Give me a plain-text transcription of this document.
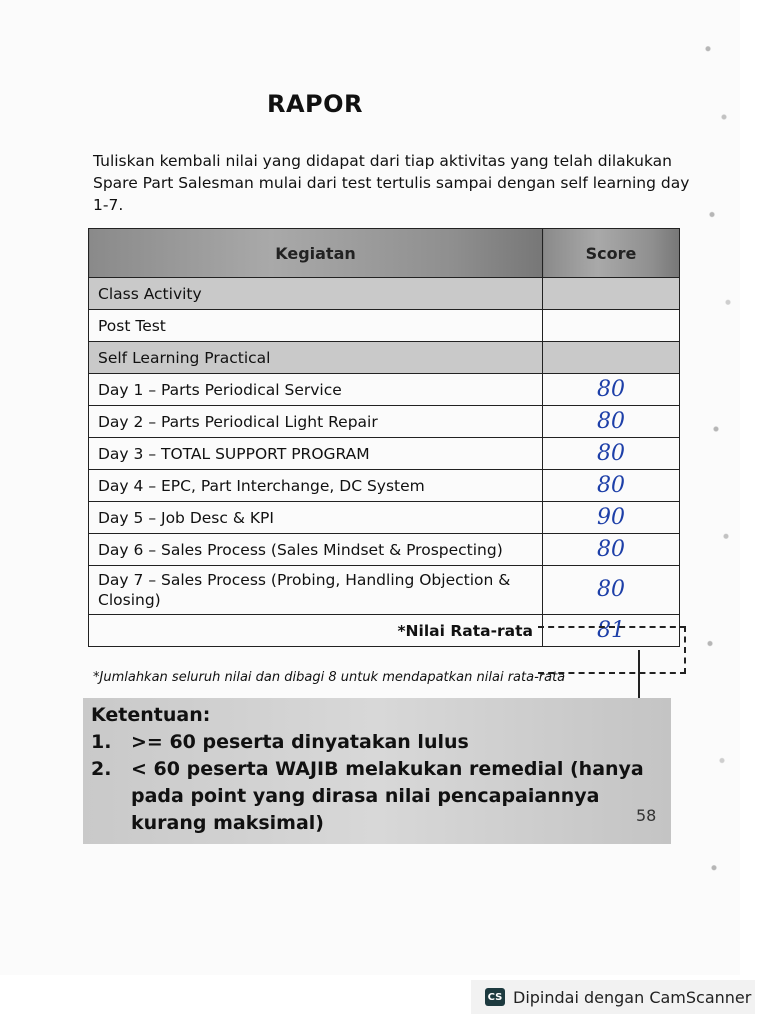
RAPOR
Tuliskan kembali nilai yang didapat dari tiap aktivitas yang telah dilakukan Spare Part Salesman mulai dari test tertulis sampai dengan self learning day 1-7.
Kegiatan	Score
Class Activity	
Post Test	
Self Learning Practical	
Day 1 – Parts Periodical Service	80
Day 2 – Parts Periodical Light Repair	80
Day 3 – TOTAL SUPPORT PROGRAM	80
Day 4 – EPC, Part Interchange, DC System	80
Day 5 – Job Desc & KPI	90
Day 6 – Sales Process (Sales Mindset & Prospecting)	80
Day 7 – Sales Process (Probing, Handling Objection & Closing)	80
*Nilai Rata-rata	81
*Jumlahkan seluruh nilai dan dibagi 8 untuk mendapatkan nilai rata-rata
Ketentuan:
1. >= 60 peserta dinyatakan lulus
2. < 60 peserta WAJIB melakukan remedial (hanya pada point yang dirasa nilai pencapaiannya kurang maksimal)	58
CS Dipindai dengan CamScanner
